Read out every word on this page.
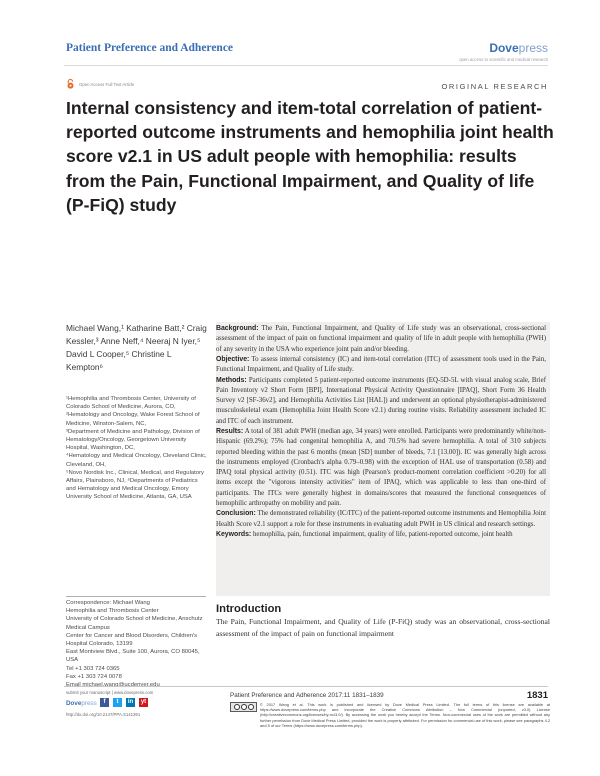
Patient Preference and Adherence	Dovepress
open access to scientific and medical research
Open Access Full Text Article	ORIGINAL RESEARCH
Internal consistency and item-total correlation of patient-reported outcome instruments and hemophilia joint health score v2.1 in US adult people with hemophilia: results from the Pain, Functional Impairment, and Quality of life (P-FiQ) study
Michael Wang,¹ Katharine Batt,² Craig Kessler,³ Anne Neff,⁴ Neeraj N Iyer,⁵ David L Cooper,⁵ Christine L Kempton⁶
¹Hemophilia and Thrombosis Center, University of Colorado School of Medicine, Aurora, CO, ²Hematology and Oncology, Wake Forest School of Medicine, Winston-Salem, NC,
³Department of Medicine and Pathology, Division of Hematology/Oncology, Georgetown University Hospital, Washington, DC,
⁴Hematology and Medical Oncology, Cleveland Clinic, Cleveland, OH,
⁵Novo Nordisk Inc., Clinical, Medical, and Regulatory Affairs, Plainsboro, NJ, ⁶Departments of Pediatrics and Hematology and Medical Oncology, Emory University School of Medicine, Atlanta, GA, USA
Correspondence: Michael Wang
Hemophilia and Thrombosis Center
University of Colorado School of Medicine, Anschutz Medical Campus
Center for Cancer and Blood Disorders, Children's Hospital Colorado, 13199
East Montview Blvd., Suite 100, Aurora, CO 80045, USA
Tel +1 303 724 0365
Fax +1 303 724 0078
Email michael.wang@ucdenver.edu

Background: The Pain, Functional Impairment, and Quality of Life study was an observational, cross-sectional assessment of the impact of pain on functional impairment and quality of life in adult people with hemophilia (PWH) of any severity in the USA who experience joint pain and/or bleeding.

Objective: To assess internal consistency (IC) and item-total correlation (ITC) of assessment tools used in the Pain, Functional Impairment, and Quality of Life study.

Methods: Participants completed 5 patient-reported outcome instruments (EQ-5D-5L with visual analog scale, Brief Pain Inventory v2 Short Form [BPI], International Physical Activity Questionnaire [IPAQ], Short Form 36 Health Survey v2 [SF-36v2], and Hemophilia Activities List [HAL]) and underwent an optional physiotherapist-administered musculoskeletal exam (Hemophilia Joint Health Score v2.1) during routine visits. Reliability assessment included IC and ITC of each instrument.

Results: A total of 381 adult PWH (median age, 34 years) were enrolled. Participants were predominantly white/non-Hispanic (69.2%); 75% had congenital hemophilia A, and 70.5% had severe hemophilia. A total of 310 subjects reported bleeding within the past 6 months (mean [SD] number of bleeds, 7.1 [13.00]). IC was generally high across the instruments employed (Cronbach's alpha 0.79–0.98) with the exception of HAL use of transportation (0.58) and IPAQ total physical activity (0.51). ITC was high (Pearson's product-moment correlation coefficient >0.20) for all items except the "vigorous intensity activities" item of IPAQ, which was applicable to less than one-third of participants. The ITCs were generally highest in domains/scores that measured the functional consequences of hemophilic arthropathy on mobility and pain.

Conclusion: The demonstrated reliability (IC/ITC) of the patient-reported outcome instruments and Hemophilia Joint Health Score v2.1 support a role for these instruments in evaluating adult PWH in US clinical and research settings.

Keywords: hemophilia, pain, functional impairment, quality of life, patient-reported outcome, joint health

Introduction

The Pain, Functional Impairment, and Quality of Life (P-FiQ) study was an observational, cross-sectional assessment of the impact of pain on functional impairment

submit your manuscript | www.dovepress.com
Dovepress	f	t	in	yt
http://dx.doi.org/10.2147/PPA.S141391
Patient Preference and Adherence 2017:11 1831–1839	1831
© 2017 Wang et al. This work is published and licensed by Dove Medical Press Limited. The full terms of this license are available at https://www.dovepress.com/terms.php and incorporate the Creative Commons Attribution – Non Commercial (unported, v3.0) License (http://creativecommons.org/licenses/by-nc/3.0/). By accessing the work you hereby accept the Terms. Non-commercial uses of the work are permitted without any further permission from Dove Medical Press Limited, provided the work is properly attributed. For permission for commercial use of this work, please see paragraphs 4.2 and 5 of our Terms (https://www.dovepress.com/terms.php).
